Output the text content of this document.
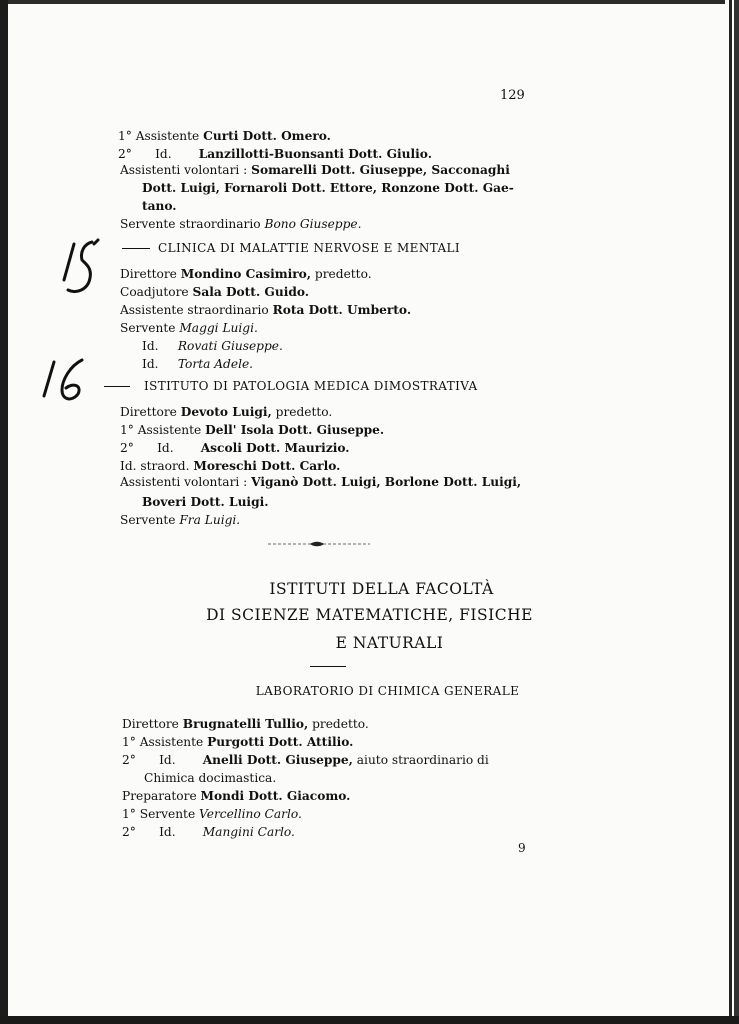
129
1° Assistente Curti Dott. Omero.
2°      Id.       Lanzillotti-Buonsanti Dott. Giulio.
Assistenti volontari : Somarelli Dott. Giuseppe, Sacconaghi
Dott. Luigi, Fornaroli Dott. Ettore, Ronzone Dott. Gae-
tano.
Servente straordinario Bono Giuseppe.
CLINICA DI MALATTIE NERVOSE E MENTALI
Direttore Mondino Casimiro, predetto.
Coadjutore Sala Dott. Guido.
Assistente straordinario Rota Dott. Umberto.
Servente Maggi Luigi.
Id.     Rovati Giuseppe.
Id.     Torta Adele.
ISTITUTO DI PATOLOGIA MEDICA DIMOSTRATIVA
Direttore Devoto Luigi, predetto.
1° Assistente Dell' Isola Dott. Giuseppe.
2°      Id.       Ascoli Dott. Maurizio.
Id. straord. Moreschi Dott. Carlo.
Assistenti volontari : Viganò Dott. Luigi, Borlone Dott. Luigi,
Boveri Dott. Luigi.
Servente Fra Luigi.
ISTITUTI DELLA FACOLTÀ
DI SCIENZE MATEMATICHE, FISICHE
E NATURALI
LABORATORIO DI CHIMICA GENERALE
Direttore Brugnatelli Tullio, predetto.
1° Assistente Purgotti Dott. Attilio.
2°      Id.       Anelli Dott. Giuseppe, aiuto straordinario di
Chimica docimastica.
Preparatore Mondi Dott. Giacomo.
1° Servente Vercellino Carlo.
2°      Id.       Mangini Carlo.
9
